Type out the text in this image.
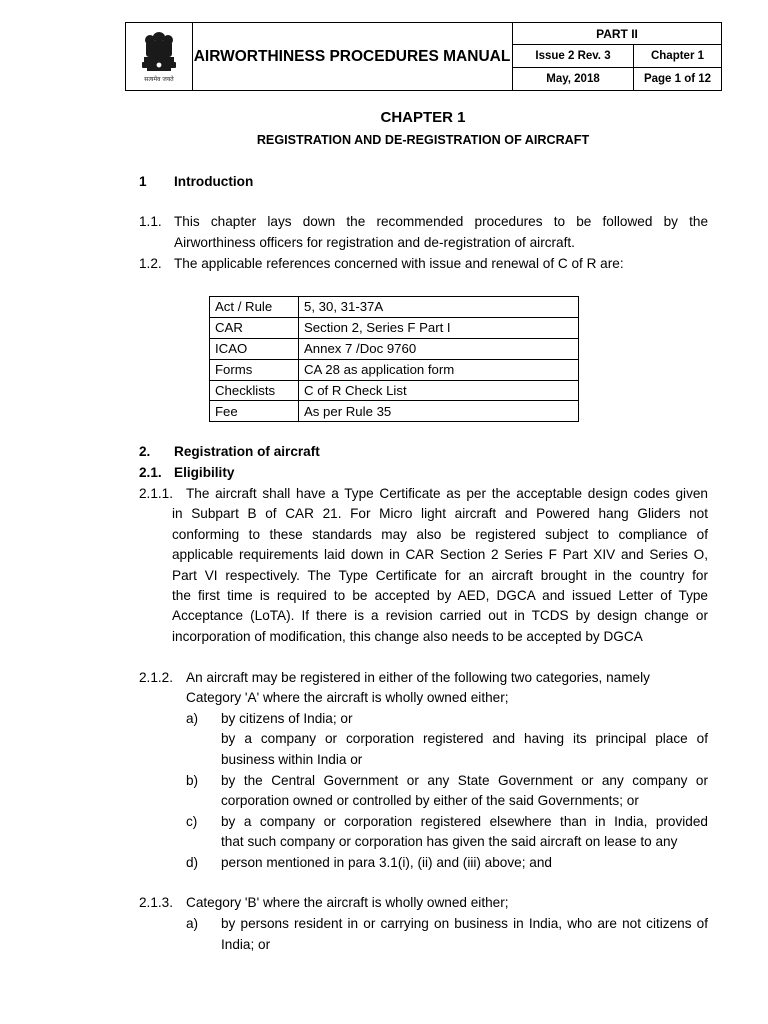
सत्यमेव जयते
AIRWORTHINESS PROCEDURES MANUAL
PART II
Issue 2 Rev. 3	Chapter 1
May, 2018	Page 1 of 12
CHAPTER 1
REGISTRATION AND DE-REGISTRATION OF AIRCRAFT
1 Introduction
1.1. This chapter lays down the recommended procedures to be followed by the
Airworthiness officers for registration and de-registration of aircraft.
1.2. The applicable references concerned with issue and renewal of C of R are:
Act / Rule	5, 30, 31-37A
CAR	Section 2, Series F Part I
ICAO	Annex 7 /Doc 9760
Forms	CA 28 as application form
Checklists	C of R Check List
Fee	As per Rule 35
2. Registration of aircraft
2.1. Eligibility
2.1.1. The aircraft shall have a Type Certificate as per the acceptable design codes given
in Subpart B of CAR 21. For Micro light aircraft and Powered hang Gliders not
conforming to these standards may also be registered subject to compliance of
applicable requirements laid down in CAR Section 2 Series F Part XIV and Series O,
Part VI respectively. The Type Certificate for an aircraft brought in the country for
the first time is required to be accepted by AED, DGCA and issued Letter of Type
Acceptance (LoTA). If there is a revision carried out in TCDS by design change or
incorporation of modification, this change also needs to be accepted by DGCA
2.1.2. An aircraft may be registered in either of the following two categories, namely
Category 'A' where the aircraft is wholly owned either;
a) by citizens of India; or
by a company or corporation registered and having its principal place of
business within India or
b) by the Central Government or any State Government or any company or
corporation owned or controlled by either of the said Governments; or
c) by a company or corporation registered elsewhere than in India, provided
that such company or corporation has given the said aircraft on lease to any
d) person mentioned in para 3.1(i), (ii) and (iii) above; and
2.1.3. Category 'B' where the aircraft is wholly owned either;
a) by persons resident in or carrying on business in India, who are not citizens of
India; or
